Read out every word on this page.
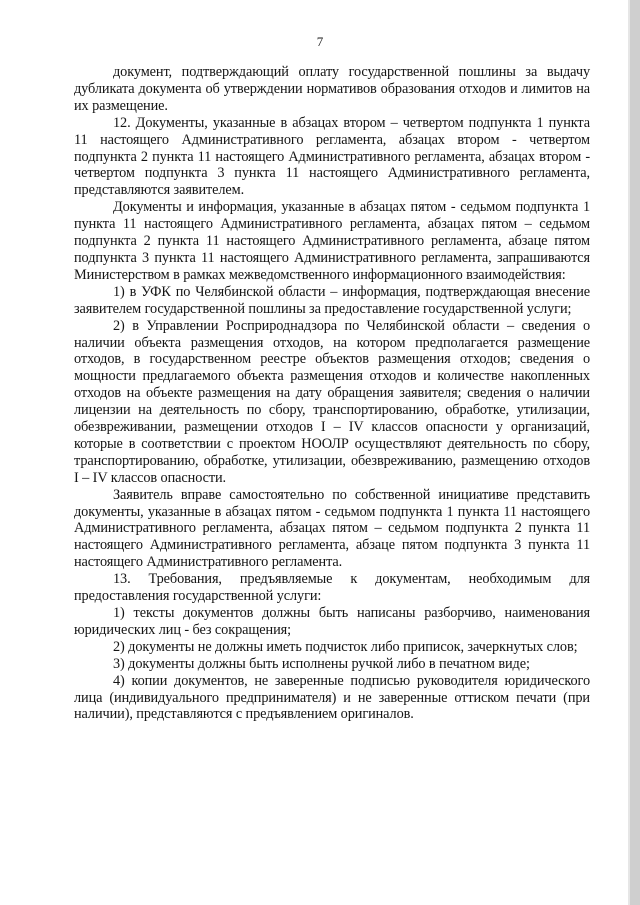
7

документ, подтверждающий оплату государственной пошлины за выдачу дубликата документа об утверждении нормативов образования отходов и лимитов на их размещение.

12. Документы, указанные в абзацах втором – четвертом подпункта 1 пункта 11 настоящего Административного регламента, абзацах втором - четвертом подпункта 2 пункта 11 настоящего Административного регламента, абзацах втором - четвертом подпункта 3 пункта 11 настоящего Административного регламента, представляются заявителем.

Документы и информация, указанные в абзацах пятом - седьмом подпункта 1 пункта 11 настоящего Административного регламента, абзацах пятом – седьмом подпункта 2 пункта 11 настоящего Административного регламента, абзаце пятом подпункта 3 пункта 11 настоящего Административного регламента, запрашиваются Министерством в рамках межведомственного информационного взаимодействия:

1) в УФК по Челябинской области – информация, подтверждающая внесение заявителем государственной пошлины за предоставление государственной услуги;

2) в Управлении Росприроднадзора по Челябинской области – сведения о наличии объекта размещения отходов, на котором предполагается размещение отходов, в государственном реестре объектов размещения отходов; сведения о мощности предлагаемого объекта размещения отходов и количестве накопленных отходов на объекте размещения на дату обращения заявителя; сведения о наличии лицензии на деятельность по сбору, транспортированию, обработке, утилизации, обезвреживании, размещении отходов I – IV классов опасности у организаций, которые в соответствии с проектом НООЛР осуществляют деятельность по сбору, транспортированию, обработке, утилизации, обезвреживанию, размещению отходов I – IV классов опасности.

Заявитель вправе самостоятельно по собственной инициативе представить документы, указанные в абзацах пятом - седьмом подпункта 1 пункта 11 настоящего Административного регламента, абзацах пятом – седьмом подпункта 2 пункта 11 настоящего Административного регламента, абзаце пятом подпункта 3 пункта 11 настоящего Административного регламента.

13. Требования, предъявляемые к документам, необходимым для предоставления государственной услуги:

1) тексты документов должны быть написаны разборчиво, наименования юридических лиц - без сокращения;

2) документы не должны иметь подчисток либо приписок, зачеркнутых слов;

3) документы должны быть исполнены ручкой либо в печатном виде;

4) копии документов, не заверенные подписью руководителя юридического лица (индивидуального предпринимателя) и не заверенные оттиском печати (при наличии), представляются с предъявлением оригиналов.
